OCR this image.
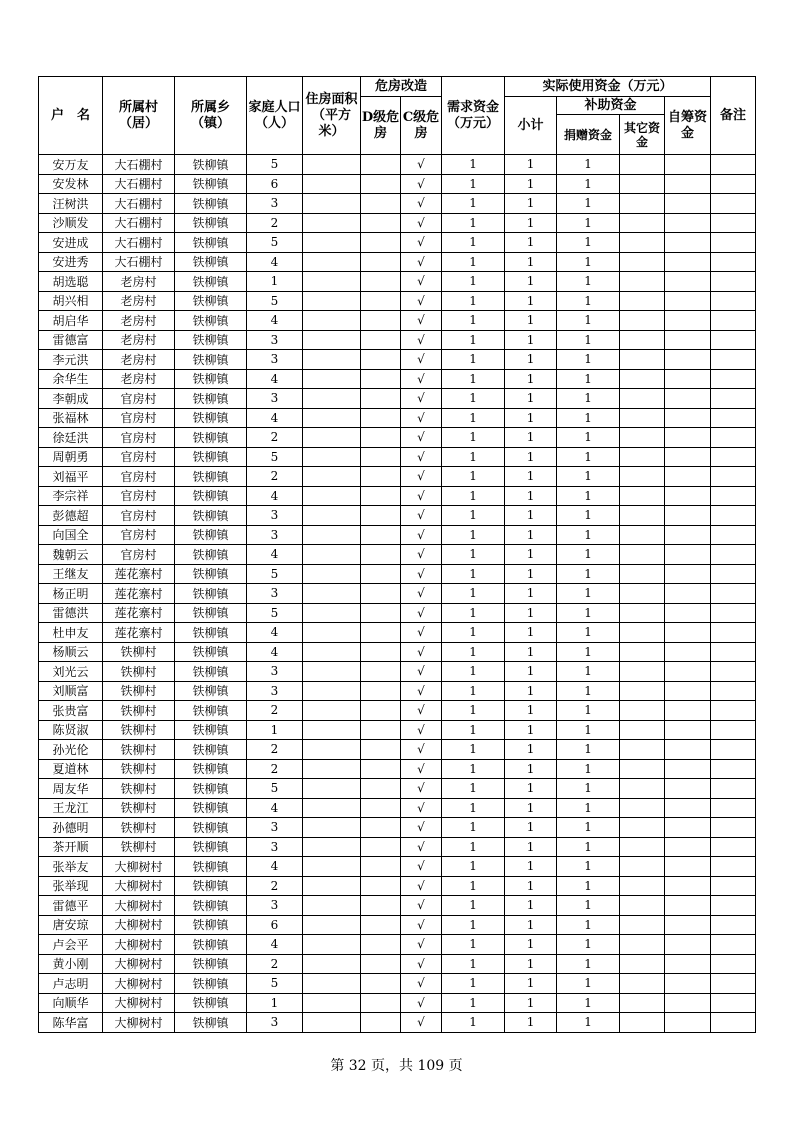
户　名	所属村（居）	所属乡（镇）	家庭人口（人）	住房面积（平方米）	危房改造		需求资金（万元）	实际使用资金（万元）				备注
					D级危房	C级危房		小计	补助资金		自筹资金	
									捐赠资金	其它资金		
安万友	大石棚村	铁柳镇	5			√	1	1	1			
安发林	大石棚村	铁柳镇	6			√	1	1	1			
汪树洪	大石棚村	铁柳镇	3			√	1	1	1			
沙顺发	大石棚村	铁柳镇	2			√	1	1	1			
安进成	大石棚村	铁柳镇	5			√	1	1	1			
安进秀	大石棚村	铁柳镇	4			√	1	1	1			
胡选聪	老房村	铁柳镇	1			√	1	1	1			
胡兴相	老房村	铁柳镇	5			√	1	1	1			
胡启华	老房村	铁柳镇	4			√	1	1	1			
雷德富	老房村	铁柳镇	3			√	1	1	1			
李元洪	老房村	铁柳镇	3			√	1	1	1			
余华生	老房村	铁柳镇	4			√	1	1	1			
李朝成	官房村	铁柳镇	3			√	1	1	1			
张福林	官房村	铁柳镇	4			√	1	1	1			
徐廷洪	官房村	铁柳镇	2			√	1	1	1			
周朝勇	官房村	铁柳镇	5			√	1	1	1			
刘福平	官房村	铁柳镇	2			√	1	1	1			
李宗祥	官房村	铁柳镇	4			√	1	1	1			
彭德超	官房村	铁柳镇	3			√	1	1	1			
向国全	官房村	铁柳镇	3			√	1	1	1			
魏朝云	官房村	铁柳镇	4			√	1	1	1			
王继友	莲花寨村	铁柳镇	5			√	1	1	1			
杨正明	莲花寨村	铁柳镇	3			√	1	1	1			
雷德洪	莲花寨村	铁柳镇	5			√	1	1	1			
杜申友	莲花寨村	铁柳镇	4			√	1	1	1			
杨顺云	铁柳村	铁柳镇	4			√	1	1	1			
刘光云	铁柳村	铁柳镇	3			√	1	1	1			
刘顺富	铁柳村	铁柳镇	3			√	1	1	1			
张贵富	铁柳村	铁柳镇	2			√	1	1	1			
陈贤淑	铁柳村	铁柳镇	1			√	1	1	1			
孙光伦	铁柳村	铁柳镇	2			√	1	1	1			
夏道林	铁柳村	铁柳镇	2			√	1	1	1			
周友华	铁柳村	铁柳镇	5			√	1	1	1			
王龙江	铁柳村	铁柳镇	4			√	1	1	1			
孙德明	铁柳村	铁柳镇	3			√	1	1	1			
茶开顺	铁柳村	铁柳镇	3			√	1	1	1			
张举友	大柳树村	铁柳镇	4			√	1	1	1			
张举现	大柳树村	铁柳镇	2			√	1	1	1			
雷德平	大柳树村	铁柳镇	3			√	1	1	1			
唐安琼	大柳树村	铁柳镇	6			√	1	1	1			
卢会平	大柳树村	铁柳镇	4			√	1	1	1			
黄小刚	大柳树村	铁柳镇	2			√	1	1	1			
卢志明	大柳树村	铁柳镇	5			√	1	1	1			
向顺华	大柳树村	铁柳镇	1			√	1	1	1			
陈华富	大柳树村	铁柳镇	3			√	1	1	1			
第 32 页，共 109 页
